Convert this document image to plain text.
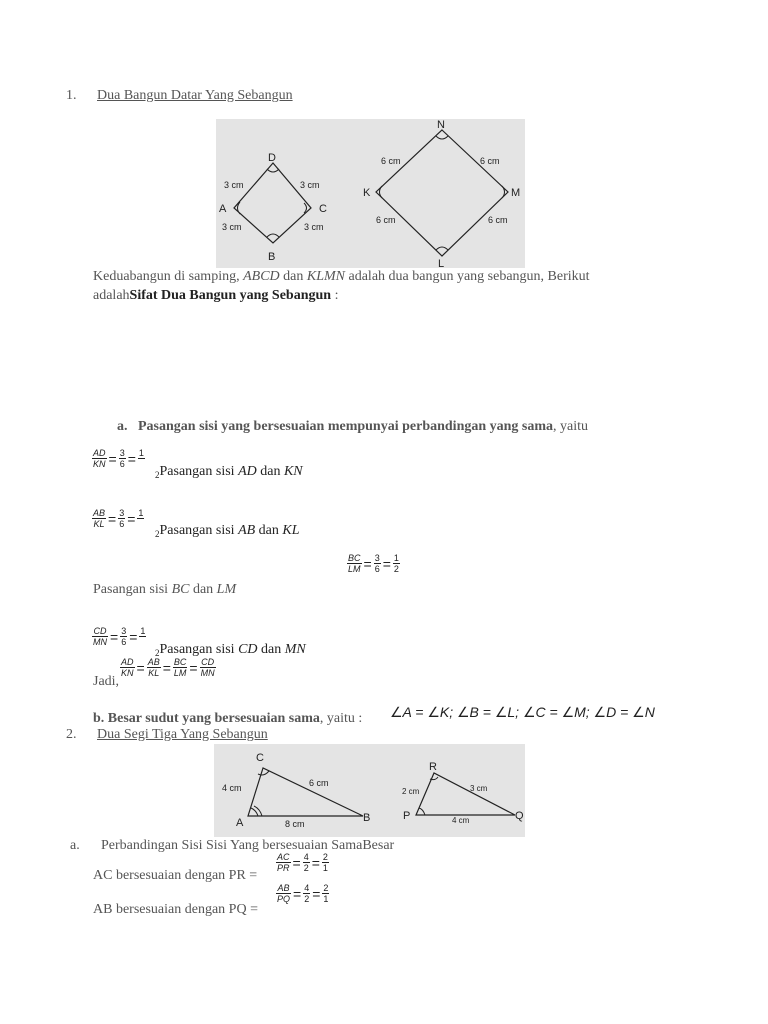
1. Dua Bangun Datar Yang Sebangun
D
A	C
B
3 cm	3 cm
3 cm	3 cm
N
K	M
L
6 cm	6 cm
6 cm	6 cm
Keduabangun di samping, ABCD dan KLMN adalah dua bangun yang sebangun, Berikut
adalahSifat Dua Bangun yang Sebangun :
a. Pasangan sisi yang bersesuaian mempunyai perbandingan yang sama, yaitu
$\frac{AD}{KN} = \frac{3}{6} = 1$
$_2$Pasangan sisi AD dan KN
$\frac{AB}{KL} = \frac{3}{6} = 1$
$_2$Pasangan sisi AB dan KL
$\frac{BC}{LM} = \frac{3}{6} = \frac{1}{2}$
Pasangan sisi BC dan LM
$\frac{CD}{MN} = \frac{3}{6} = 1$
$_2$Pasangan sisi CD dan MN
Jadi,
$\frac{AD}{KN} = \frac{AB}{KL} = \frac{BC}{LM} = \frac{CD}{MN}$
b. Besar sudut yang bersesuaian sama, yaitu : ∠A = ∠K; ∠B = ∠L; ∠C = ∠M; ∠D = ∠N
2. Dua Segi Tiga Yang Sebangun
C
A	B
4 cm	6 cm
8 cm
R
P	Q
2 cm	3 cm
4 cm
a. Perbandingan Sisi Sisi Yang bersesuaian SamaBesar
AC bersesuaian dengan PR =
$\frac{AC}{PR} = \frac{4}{2} = \frac{2}{1}$
AB bersesuaian dengan PQ =
$\frac{AB}{PQ} = \frac{4}{2} = \frac{2}{1}$
